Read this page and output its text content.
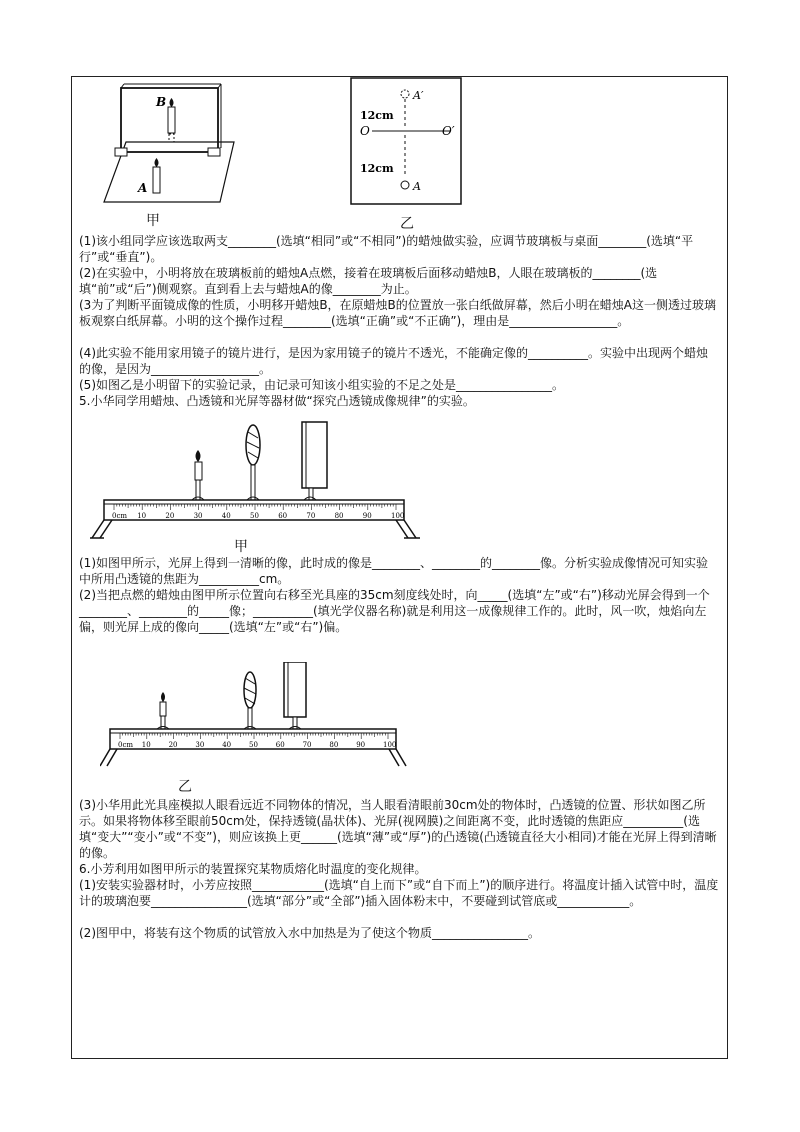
B
A
甲
A′
12cm
O	O′
12cm
A
乙
(1)该小组同学应该选取两支________(选填“相同”或“不相同”)的蜡烛做实验，应调节玻璃板与桌面________(选填“平行”或“垂直”)。
(2)在实验中，小明将放在玻璃板前的蜡烛A点燃，接着在玻璃板后面移动蜡烛B，人眼在玻璃板的________(选填“前”或“后”)侧观察。直到看上去与蜡烛A的像________为止。
(3为了判断平面镜成像的性质，小明移开蜡烛B，在原蜡烛B的位置放一张白纸做屏幕，然后小明在蜡烛A这一侧透过玻璃板观察白纸屏幕。小明的这个操作过程________(选填“正确”或“不正确”)，理由是__________________。
(4)此实验不能用家用镜子的镜片进行，是因为家用镜子的镜片不透光，不能确定像的__________。实验中出现两个蜡烛的像，是因为__________________。
(5)如图乙是小明留下的实验记录，由记录可知该小组实验的不足之处是________________。
5.小华同学用蜡烛、凸透镜和光屏等器材做“探究凸透镜成像规律”的实验。
0cm 10	20	30	40	50	60	70	80	90	100
甲
(1)如图甲所示，光屏上得到一清晰的像，此时成的像是________、________的________像。分析实验成像情况可知实验中所用凸透镜的焦距为__________cm。
(2)当把点燃的蜡烛由图甲所示位置向右移至光具座的35cm刻度线处时，向_____(选填“左”或“右”)移动光屏会得到一个________、________的_____像；__________(填光学仪器名称)就是利用这一成像规律工作的。此时，风一吹，烛焰向左偏，则光屏上成的像向_____(选填“左”或“右”)偏。
0cm 10	20	30	40	50	60	70	80	90	100
乙
(3)小华用此光具座模拟人眼看远近不同物体的情况，当人眼看清眼前30cm处的物体时，凸透镜的位置、形状如图乙所示。如果将物体移至眼前50cm处，保持透镜(晶状体)、光屏(视网膜)之间距离不变，此时透镜的焦距应__________(选填“变大”“变小”或“不变”)，则应该换上更______(选填“薄”或“厚”)的凸透镜(凸透镜直径大小相同)才能在光屏上得到清晰的像。
6.小芳利用如图甲所示的装置探究某物质熔化时温度的变化规律。
(1)安装实验器材时，小芳应按照____________(选填“自上而下”或“自下而上”)的顺序进行。将温度计插入试管中时，温度计的玻璃泡要________________(选填“部分”或“全部”)插入固体粉末中，不要碰到试管底或____________。
(2)图甲中，将装有这个物质的试管放入水中加热是为了使这个物质________________。
